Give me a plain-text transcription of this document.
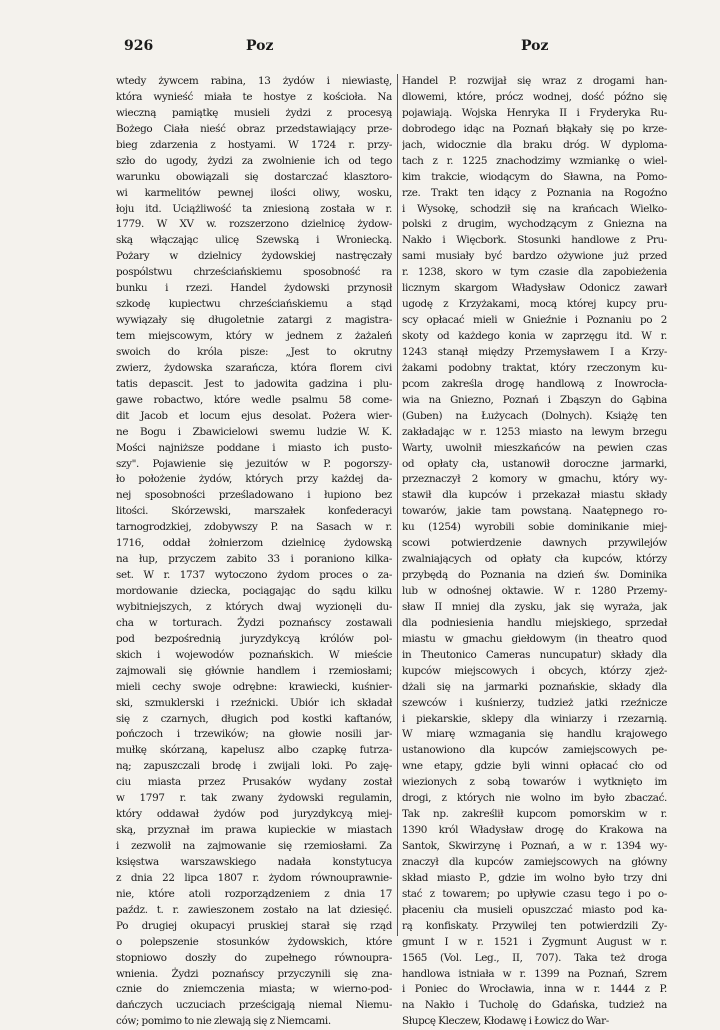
926	Poz	Poz
wtedy żywcem rabina, 13 żydów i niewiastę,
która wynieść miała te hostye z kościoła. Na
wieczną pamiątkę musieli żydzi z procesyą
Bożego Ciała nieść obraz przedstawiający prze-
bieg zdarzenia z hostyami. W 1724 r. przy-
szło do ugody, żydzi za zwolnienie ich od tego
warunku obowiązali się dostarczać klasztoro-
wi karmelitów pewnej ilości oliwy, wosku,
łoju itd. Uciążliwość ta zniesioną została w r.
1779. W XV w. rozszerzono dzielnicę żydow-
ską włączając ulicę Szewską i Wroniecką.
Pożary w dzielnicy żydowskiej nastręczały
pospólstwu chrześciańskiemu sposobność ra
bunku i rzezi. Handel żydowski przynosił
szkodę kupiectwu chrześciańskiemu a stąd
wywiązały się długoletnie zatargi z magistra-
tem miejscowym, który w jednem z żażaleń
swoich do króla pisze: „Jest to okrutny
zwierz, żydowska szarańcza, która florem civi
tatis depascit. Jest to jadowita gadzina i plu-
gawe robactwo, które wedle psalmu 58 come-
dit Jacob et locum ejus desolat. Pożera wier-
ne Bogu i Zbawicielowi swemu ludzie W. K.
Mości najniższe poddane i miasto ich pusto-
szy". Pojawienie się jezuitów w P. pogorszy-
ło położenie żydów, których przy każdej da-
nej sposobności prześladowano i łupiono bez
litości. Skórzewski, marszałek konfederacyi
tarnogrodzkiej, zdobywszy P. na Sasach w r.
1716, oddał żołnierzom dzielnicę żydowską
na łup, przyczem zabito 33 i poraniono kilka-
set. W r. 1737 wytoczono żydom proces o za-
mordowanie dziecka, pociągając do sądu kilku
wybitniejszych, z których dwaj wyzionęli du-
cha w torturach. Żydzi poznańscy zostawali
pod bezpośrednią juryzdykcyą królów pol-
skich i wojewodów poznańskich. W mieście
zajmowali się głównie handlem i rzemiosłami;
mieli cechy swoje odrębne: krawiecki, kuśnier-
ski, szmuklerski i rzeźnicki. Ubiór ich składał
się z czarnych, długich pod kostki kaftanów,
pończoch i trzewików; na głowie nosili jar-
mułkę skórzaną, kapelusz albo czapkę futrza-
ną; zapuszczali brodę i zwijali loki. Po zaję-
ciu miasta przez Prusaków wydany został
w 1797 r. tak zwany żydowski regulamin,
który oddawał żydów pod juryzdykcyą miej-
ską, przyznał im prawa kupieckie w miastach
i zezwolił na zajmowanie się rzemiosłami. Za
księstwa warszawskiego nadała konstytucya
z dnia 22 lipca 1807 r. żydom równouprawnie-
nie, które atoli rozporządzeniem z dnia 17
paźdz. t. r. zawieszonem zostało na lat dziesięć.
Po drugiej okupacyi pruskiej starał się rząd
o polepszenie stosunków żydowskich, które
stopniowo doszły do zupełnego równoupra-
wnienia. Żydzi poznańscy przyczynili się zna-
cznie do zniemczenia miasta; w wierno-pod-
dańczych uczuciach prześcigają niemal Niemu-
ców; pomimo to nie zlewają się z Niemcami.
Handel P. rozwijał się wraz z drogami han-
dlowemi, które, prócz wodnej, dość późno się
pojawiają. Wojska Henryka II i Fryderyka Ru-
dobrodego idąc na Poznań błąkały się po krze-
jach, widocznie dla braku dróg. W dyploma-
tach z r. 1225 znachodzimy wzmiankę o wiel-
kim trakcie, wiodącym do Sławna, na Pomo-
rze. Trakt ten idący z Poznania na Rogoźno
i Wysokę, schodził się na krańcach Wielko-
polski z drugim, wychodzącym z Gniezna na
Nakło i Więcbork. Stosunki handlowe z Pru-
sami musiały być bardzo ożywione już przed
r. 1238, skoro w tym czasie dla zapobieżenia
licznym skargom Władysław Odonicz zawarł
ugodę z Krzyżakami, mocą której kupcy pru-
scy opłacać mieli w Gnieźnie i Poznaniu po 2
skoty od każdego konia w zaprzęgu itd. W r.
1243 stanął między Przemysławem I a Krzy-
żakami podobny traktat, który rzeczonym ku-
pcom zakreśla drogę handlową z Inowrocła-
wia na Gniezno, Poznań i Zbąszyn do Gąbina
(Guben) na Łużycach (Dolnych). Książę ten
zakładając w r. 1253 miasto na lewym brzegu
Warty, uwolnił mieszkańców na pewien czas
od opłaty cła, ustanowił doroczne jarmarki,
przeznaczył 2 komory w gmachu, który wy-
stawił dla kupców i przekazał miastu składy
towarów, jakie tam powstaną. Naatępnego ro-
ku (1254) wyrobili sobie dominikanie miej-
scowi potwierdzenie dawnych przywilejów
zwalniających od opłaty cła kupców, którzy
przybędą do Poznania na dzień św. Dominika
lub w odnośnej oktawie. W r. 1280 Przemy-
sław II mniej dla zysku, jak się wyraża, jak
dla podniesienia handlu miejskiego, sprzedał
miastu w gmachu giełdowym (in theatro quod
in Theutonico Cameras nuncupatur) składy dla
kupców miejscowych i obcych, którzy zjeż-
dżali się na jarmarki poznańskie, składy dla
szewców i kuśnierzy, tudzież jatki rzeźnicze
i piekarskie, sklepy dla winiarzy i rzezarnią.
W miarę wzmagania się handlu krajowego
ustanowiono dla kupców zamiejscowych pe-
wne etapy, gdzie byli winni opłacać cło od
wiezionych z sobą towarów i wytknięto im
drogi, z których nie wolno im było zbaczać.
Tak np. zakreślił kupcom pomorskim w r.
1390 król Władysław drogę do Krakowa na
Santok, Skwirzynę i Poznań, a w r. 1394 wy-
znaczył dla kupców zamiejscowych na główny
skład miasto P., gdzie im wolno było trzy dni
stać z towarem; po upływie czasu tego i po o-
płaceniu cła musieli opuszczać miasto pod ka-
rą konfiskaty. Przywilej ten potwierdzili Zy-
gmunt I w r. 1521 i Zygmunt August w r.
1565 (Vol. Leg., II, 707). Taka też droga
handlowa istniała w r. 1399 na Poznań, Szrem
i Poniec do Wrocławia, inna w r. 1444 z P.
na Nakło i Tucholę do Gdańska, tudzież na
Słupcę Kleczew, Kłodawę i Łowicz do War-
